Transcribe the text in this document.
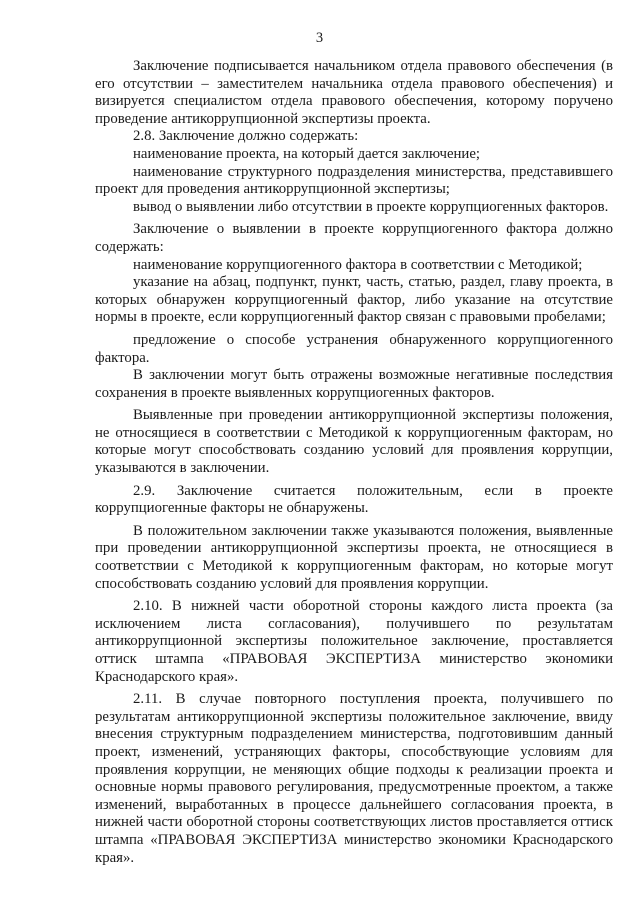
3

Заключение подписывается начальником отдела правового обеспечения (в его отсутствии – заместителем начальника отдела правового обеспечения) и визируется специалистом отдела правового обеспечения, которому поручено проведение антикоррупционной экспертизы проекта.

2.8. Заключение должно содержать:

наименование проекта, на который дается заключение;

наименование структурного подразделения министерства, представившего проект для проведения антикоррупционной экспертизы;

вывод о выявлении либо отсутствии в проекте коррупциогенных факторов.

Заключение о выявлении в проекте коррупциогенного фактора должно содержать:

наименование коррупциогенного фактора в соответствии с Методикой;

указание на абзац, подпункт, пункт, часть, статью, раздел, главу проекта, в которых обнаружен коррупциогенный фактор, либо указание на отсутствие нормы в проекте, если коррупциогенный фактор связан с правовыми пробелами;

предложение о способе устранения обнаруженного коррупциогенного фактора.

В заключении могут быть отражены возможные негативные последствия сохранения в проекте выявленных коррупциогенных факторов.

Выявленные при проведении антикоррупционной экспертизы положения, не относящиеся в соответствии с Методикой к коррупциогенным факторам, но которые могут способствовать созданию условий для проявления коррупции, указываются в заключении.

2.9. Заключение считается положительным, если в проекте коррупциогенные факторы не обнаружены.

В положительном заключении также указываются положения, выявленные при проведении антикоррупционной экспертизы проекта, не относящиеся в соответствии с Методикой к коррупциогенным факторам, но которые могут способствовать созданию условий для проявления коррупции.

2.10. В нижней части оборотной стороны каждого листа проекта (за исключением листа согласования), получившего по результатам антикоррупционной экспертизы положительное заключение, проставляется оттиск штампа «ПРАВОВАЯ ЭКСПЕРТИЗА министерство экономики Краснодарского края».

2.11. В случае повторного поступления проекта, получившего по результатам антикоррупционной экспертизы положительное заключение, ввиду внесения структурным подразделением министерства, подготовившим данный проект, изменений, устраняющих факторы, способствующие условиям для проявления коррупции, не меняющих общие подходы к реализации проекта и основные нормы правового регулирования, предусмотренные проектом, а также изменений, выработанных в процессе дальнейшего согласования проекта, в нижней части оборотной стороны соответствующих листов проставляется оттиск штампа «ПРАВОВАЯ ЭКСПЕРТИЗА министерство экономики Краснодарского края».
